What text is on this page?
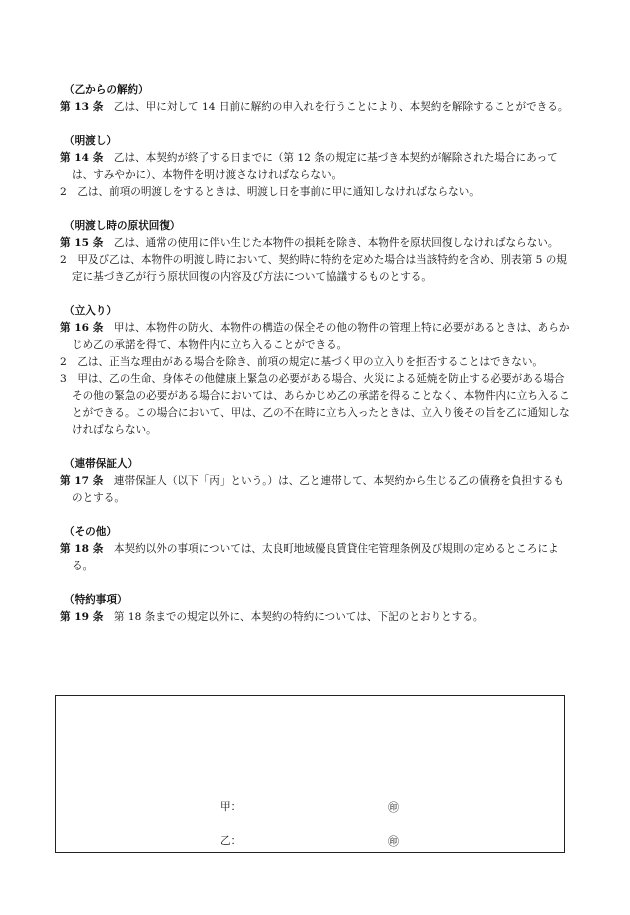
（乙からの解約）
第 13 条　 乙は、甲に対して 14 日前に解約の申入れを行うことにより、本契約を解除することができる。
（明渡し）
第 14 条　 乙は、本契約が終了する日までに（第 12 条の規定に基づき本契約が解除された場合にあっては、すみやかに）、本物件を明け渡さなければならない。
2　乙は、前項の明渡しをするときは、明渡し日を事前に甲に通知しなければならない。
（明渡し時の原状回復）
第 15 条　 乙は、通常の使用に伴い生じた本物件の損耗を除き、本物件を原状回復しなければならない。
2　甲及び乙は、本物件の明渡し時において、契約時に特約を定めた場合は当該特約を含め、別表第 5 の規定に基づき乙が行う原状回復の内容及び方法について協議するものとする。
（立入り）
第 16 条　 甲は、本物件の防火、本物件の構造の保全その他の物件の管理上特に必要があるときは、あらかじめ乙の承諾を得て、本物件内に立ち入ることができる。
2　乙は、正当な理由がある場合を除き、前項の規定に基づく甲の立入りを拒否することはできない。
3　甲は、乙の生命、身体その他健康上緊急の必要がある場合、火災による延焼を防止する必要がある場合その他の緊急の必要がある場合においては、あらかじめ乙の承諾を得ることなく、本物件内に立ち入ることができる。この場合において、甲は、乙の不在時に立ち入ったときは、立入り後その旨を乙に通知しなければならない。
（連帯保証人）
第 17 条　 連帯保証人（以下「丙」という。）は、乙と連帯して、本契約から生じる乙の債務を負担するものとする。
（その他）
第 18 条　 本契約以外の事項については、太良町地域優良賃貸住宅管理条例及び規則の定めるところによる。
（特約事項）
第 19 条　 第 18 条までの規定以外に、本契約の特約については、下記のとおりとする。
甲：	㊞
乙：	㊞
